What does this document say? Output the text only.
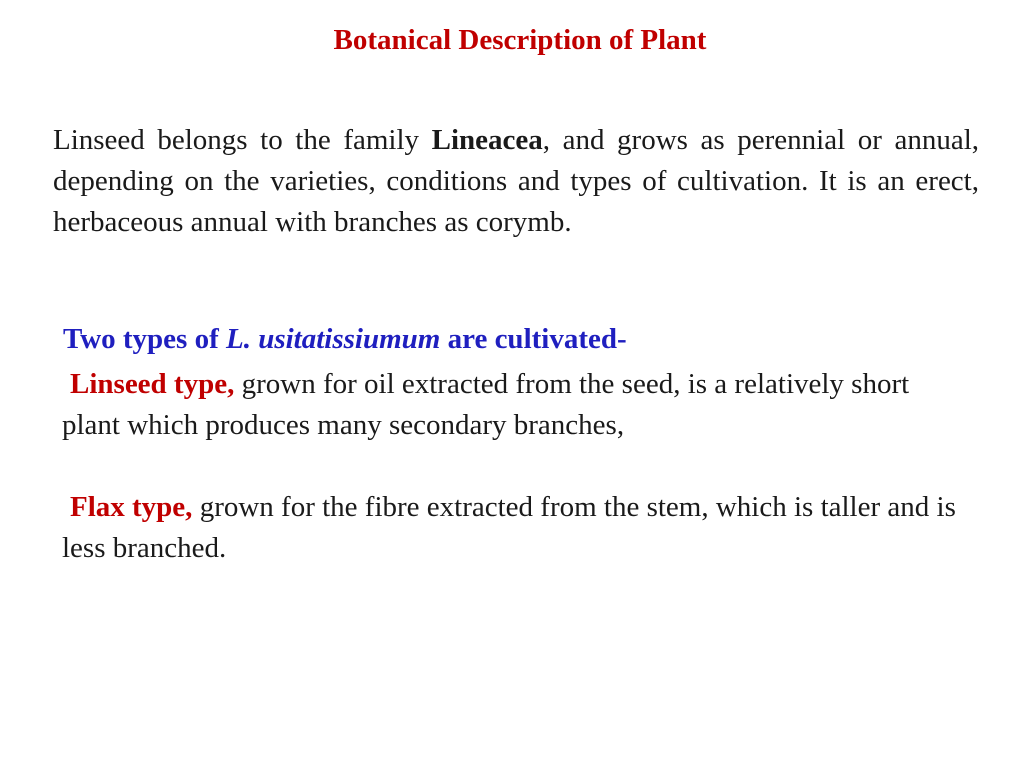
Botanical Description of Plant
Linseed belongs to the family Lineacea, and grows as perennial or annual, depending on the varieties, conditions and types of cultivation. It is an erect, herbaceous annual with branches as corymb.
Two types of L. usitatissiumum are cultivated-
Linseed type, grown for oil extracted from the seed, is a relatively short plant which produces many secondary branches,
Flax type, grown for the fibre extracted from the stem, which is taller and is less branched.
